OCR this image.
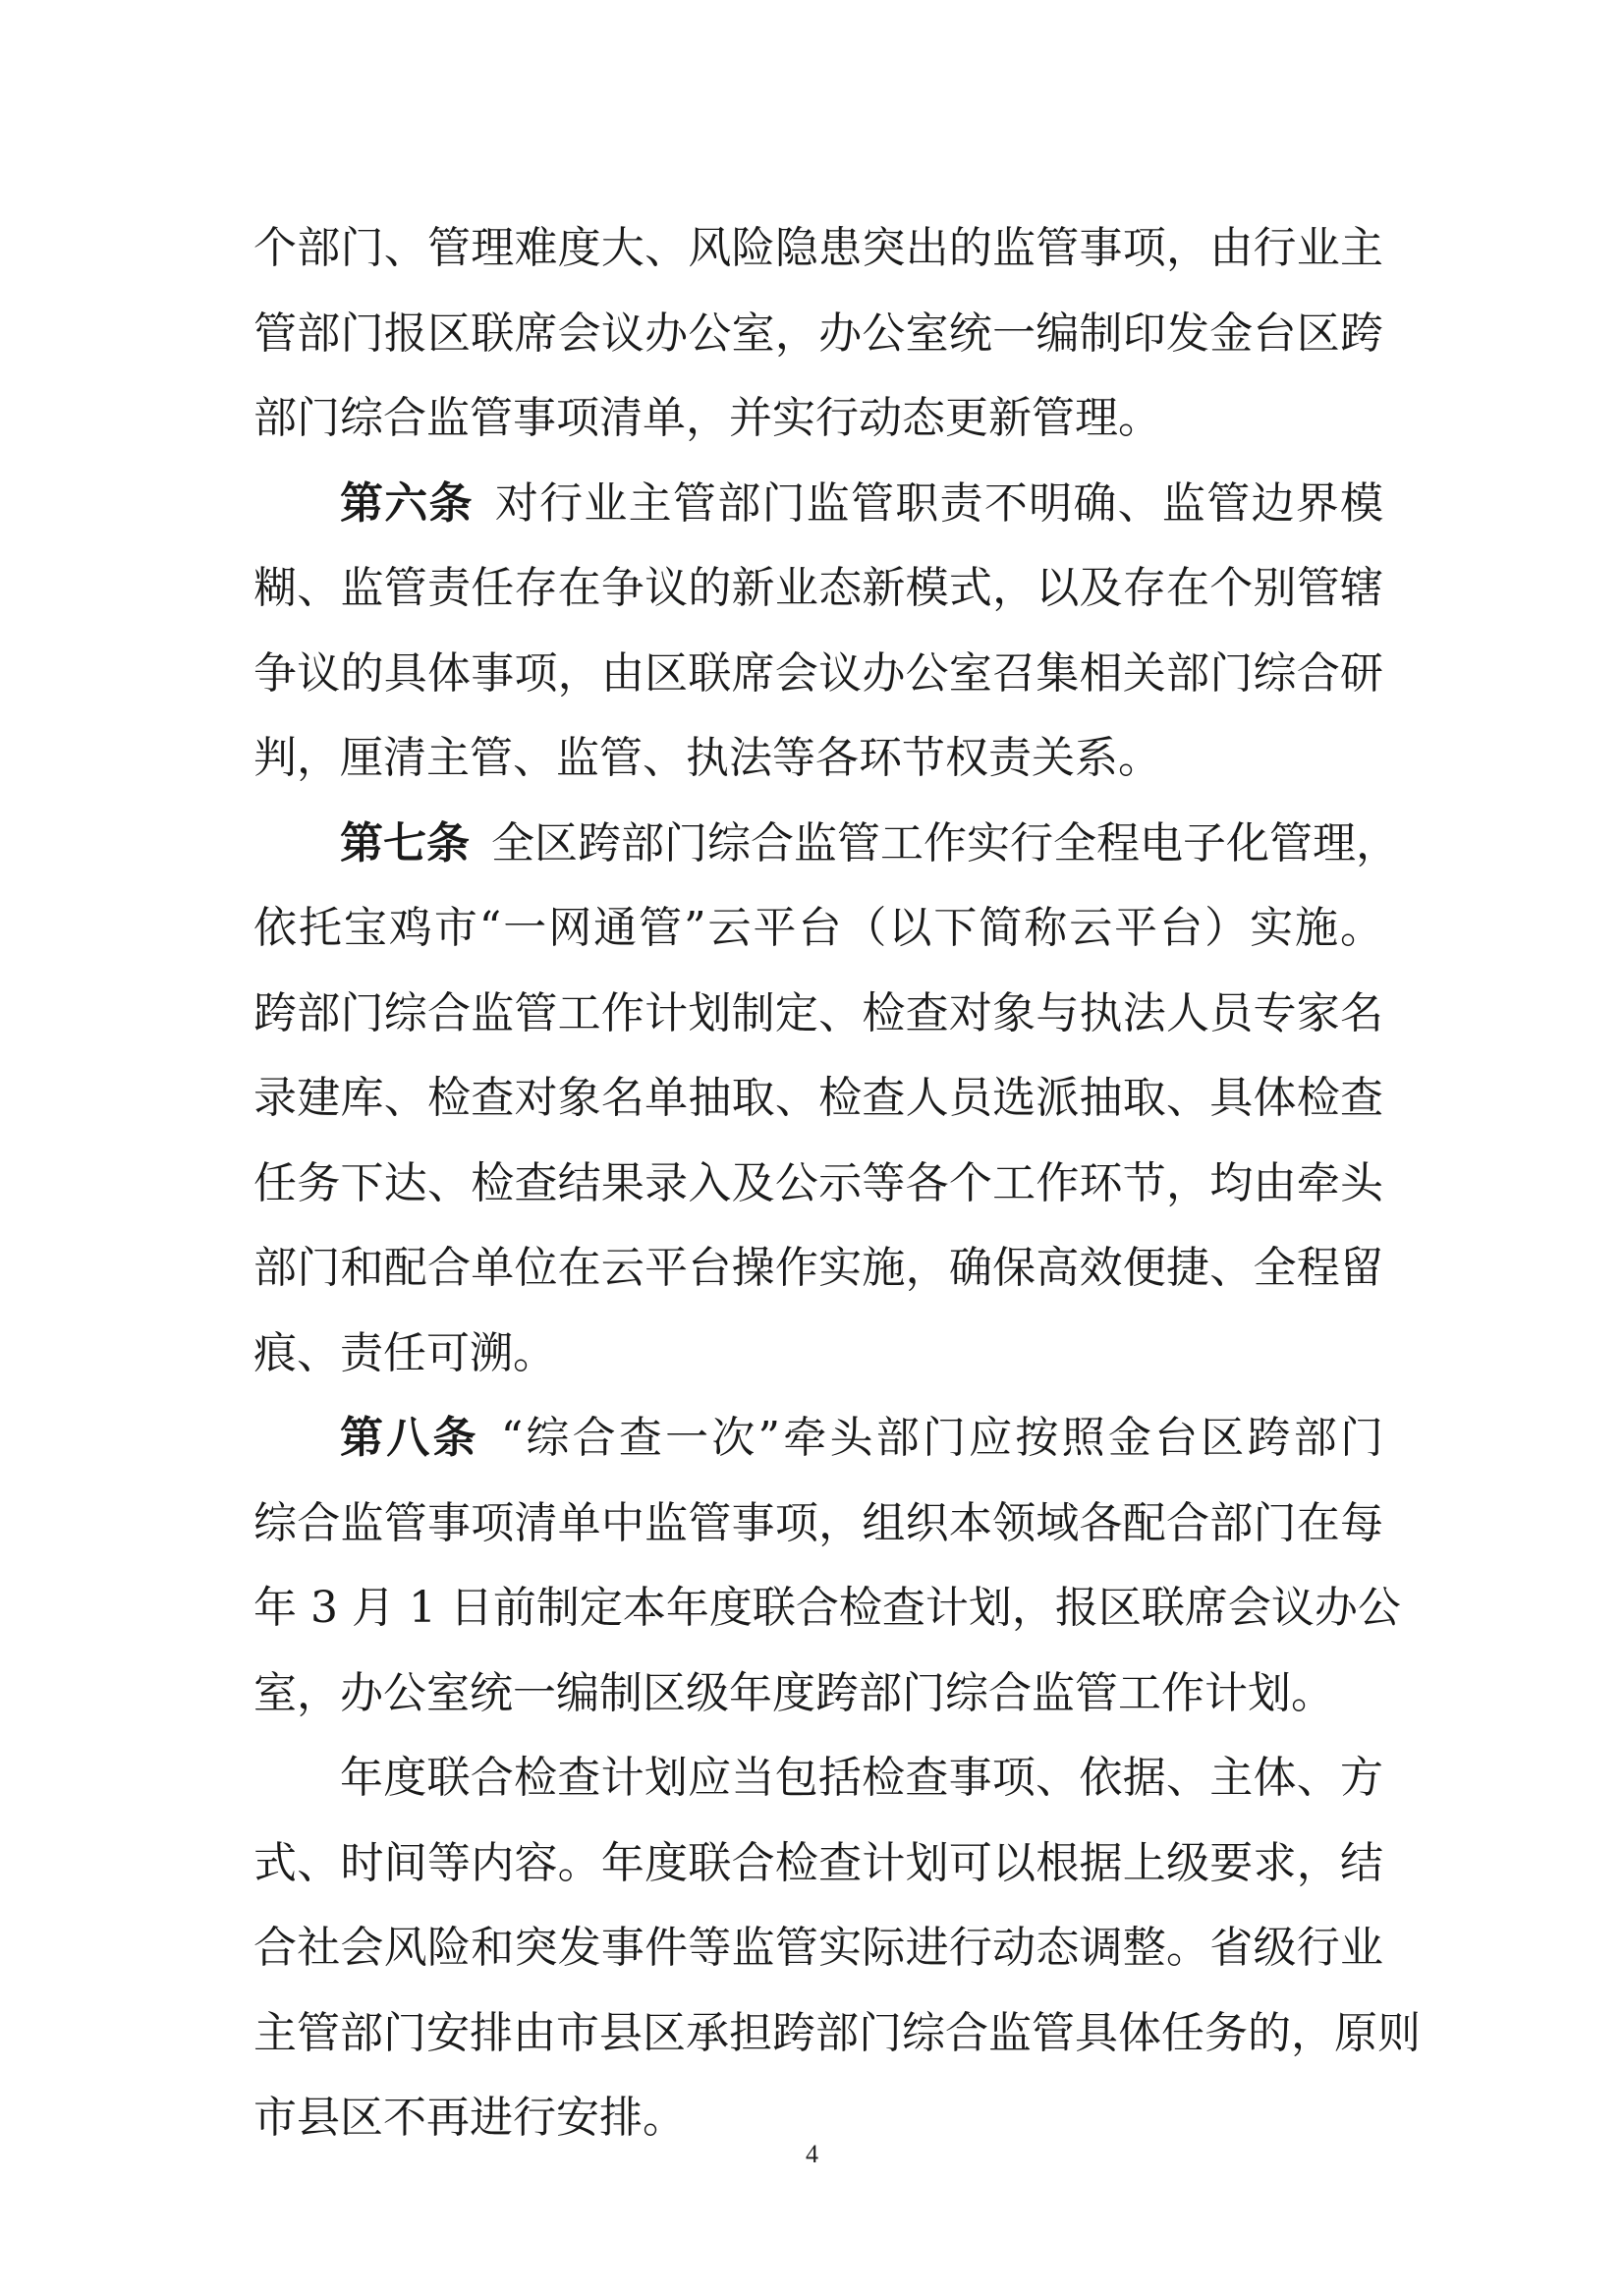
个部门、管理难度大、风险隐患突出的监管事项，由行业主
管部门报区联席会议办公室，办公室统一编制印发金台区跨
部门综合监管事项清单，并实行动态更新管理。
第六条 对行业主管部门监管职责不明确、监管边界模
糊、监管责任存在争议的新业态新模式，以及存在个别管辖
争议的具体事项，由区联席会议办公室召集相关部门综合研
判，厘清主管、监管、执法等各环节权责关系。
第七条 全区跨部门综合监管工作实行全程电子化管理，
依托宝鸡市“一网通管”云平台（以下简称云平台）实施。
跨部门综合监管工作计划制定、检查对象与执法人员专家名
录建库、检查对象名单抽取、检查人员选派抽取、具体检查
任务下达、检查结果录入及公示等各个工作环节，均由牵头
部门和配合单位在云平台操作实施，确保高效便捷、全程留
痕、责任可溯。
第八条 “综合查一次”牵头部门应按照金台区跨部门
综合监管事项清单中监管事项，组织本领域各配合部门在每
年 3 月 1 日前制定本年度联合检查计划，报区联席会议办公
室，办公室统一编制区级年度跨部门综合监管工作计划。
年度联合检查计划应当包括检查事项、依据、主体、方
式、时间等内容。年度联合检查计划可以根据上级要求，结
合社会风险和突发事件等监管实际进行动态调整。省级行业
主管部门安排由市县区承担跨部门综合监管具体任务的，原则
市县区不再进行安排。
4
